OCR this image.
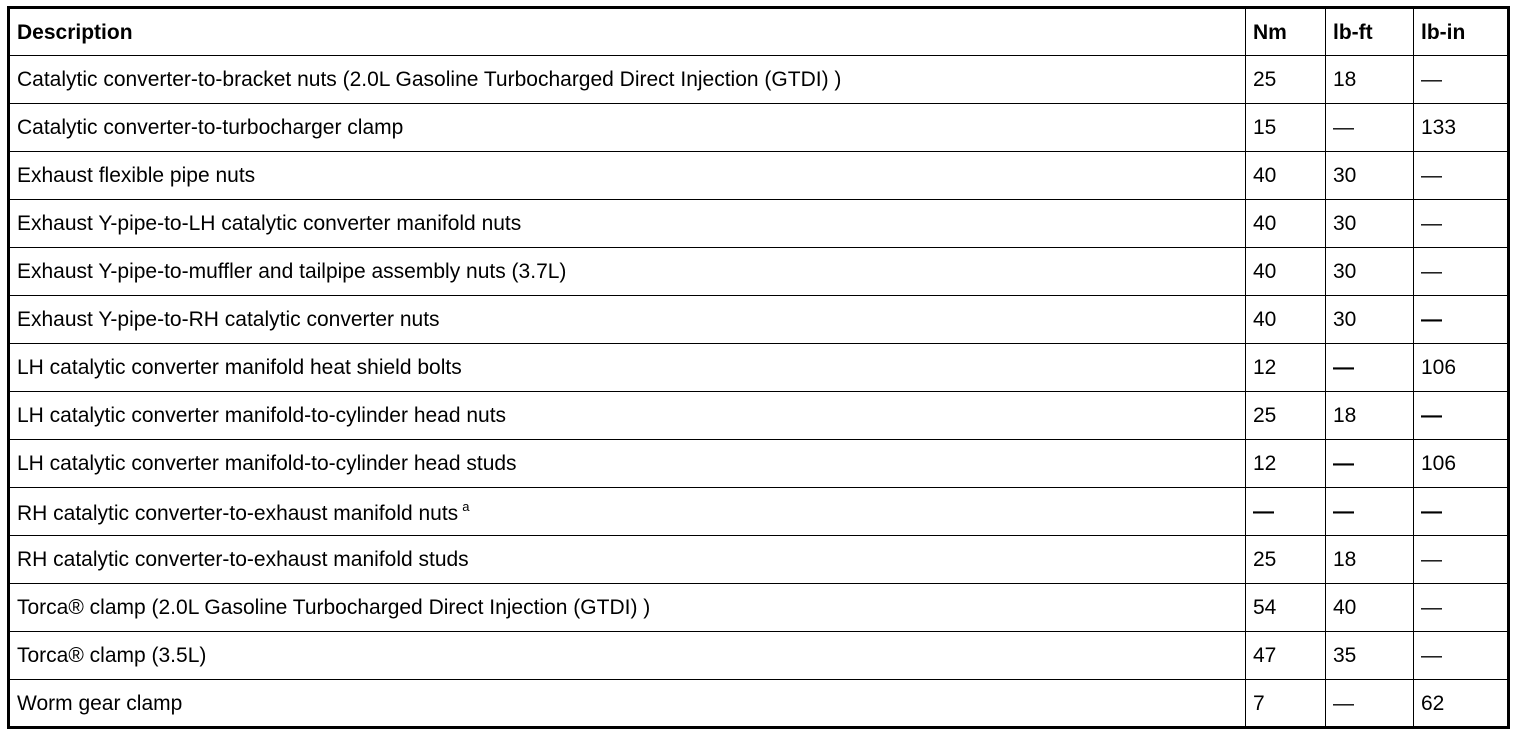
Description	Nm	lb-ft	lb-in
Catalytic converter-to-bracket nuts (2.0L Gasoline Turbocharged Direct Injection (GTDI) )	25	18	—
Catalytic converter-to-turbocharger clamp	15	—	133
Exhaust flexible pipe nuts	40	30	—
Exhaust Y-pipe-to-LH catalytic converter manifold nuts	40	30	—
Exhaust Y-pipe-to-muffler and tailpipe assembly nuts (3.7L)	40	30	—
Exhaust Y-pipe-to-RH catalytic converter nuts	40	30	—
LH catalytic converter manifold heat shield bolts	12	—	106
LH catalytic converter manifold-to-cylinder head nuts	25	18	—
LH catalytic converter manifold-to-cylinder head studs	12	—	106
RH catalytic converter-to-exhaust manifold nuts $^a$	—	—	—
RH catalytic converter-to-exhaust manifold studs	25	18	—
Torca® clamp (2.0L Gasoline Turbocharged Direct Injection (GTDI) )	54	40	—
Torca® clamp (3.5L)	47	35	—
Worm gear clamp	7	—	62
